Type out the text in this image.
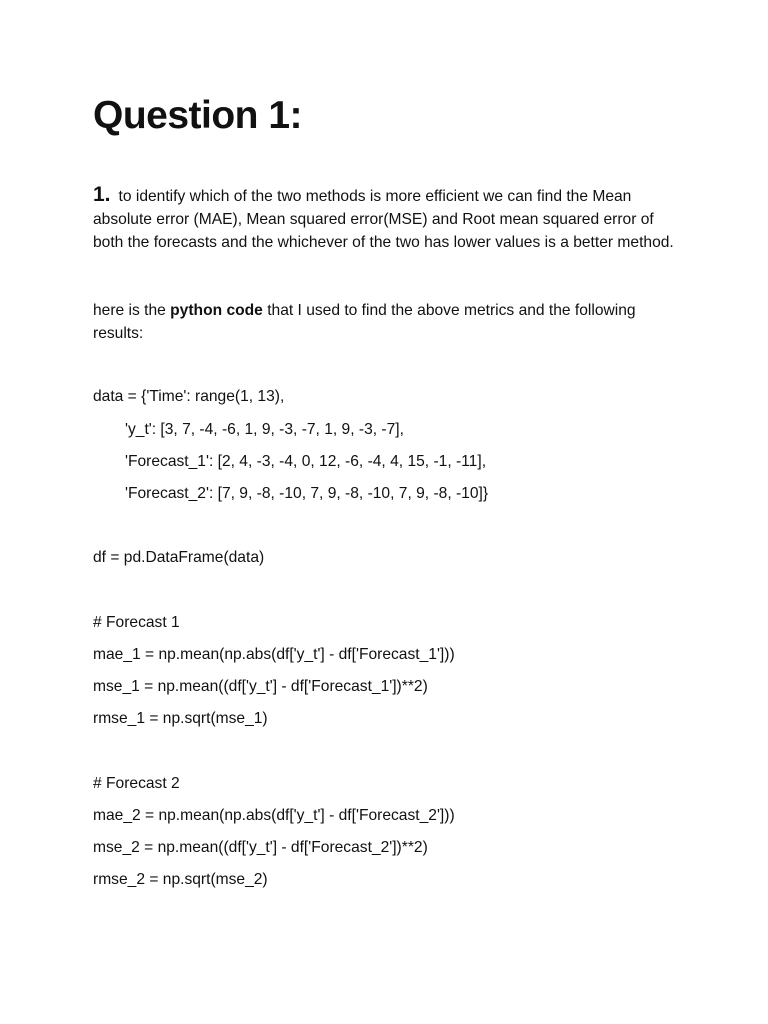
Question 1:

1. to identify which of the two methods is more efficient we can find the Mean absolute error (MAE), Mean squared error(MSE) and Root mean squared error of both the forecasts and the whichever of the two has lower values is a better method.

here is the python code that I used to find the above metrics and the following results:

data = {'Time': range(1, 13),
'y_t': [3, 7, -4, -6, 1, 9, -3, -7, 1, 9, -3, -7],
'Forecast_1': [2, 4, -3, -4, 0, 12, -6, -4, 4, 15, -1, -11],
'Forecast_2': [7, 9, -8, -10, 7, 9, -8, -10, 7, 9, -8, -10]}
df = pd.DataFrame(data)
# Forecast 1
mae_1 = np.mean(np.abs(df['y_t'] - df['Forecast_1']))
mse_1 = np.mean((df['y_t'] - df['Forecast_1'])**2)
rmse_1 = np.sqrt(mse_1)
# Forecast 2
mae_2 = np.mean(np.abs(df['y_t'] - df['Forecast_2']))
mse_2 = np.mean((df['y_t'] - df['Forecast_2'])**2)
rmse_2 = np.sqrt(mse_2)
